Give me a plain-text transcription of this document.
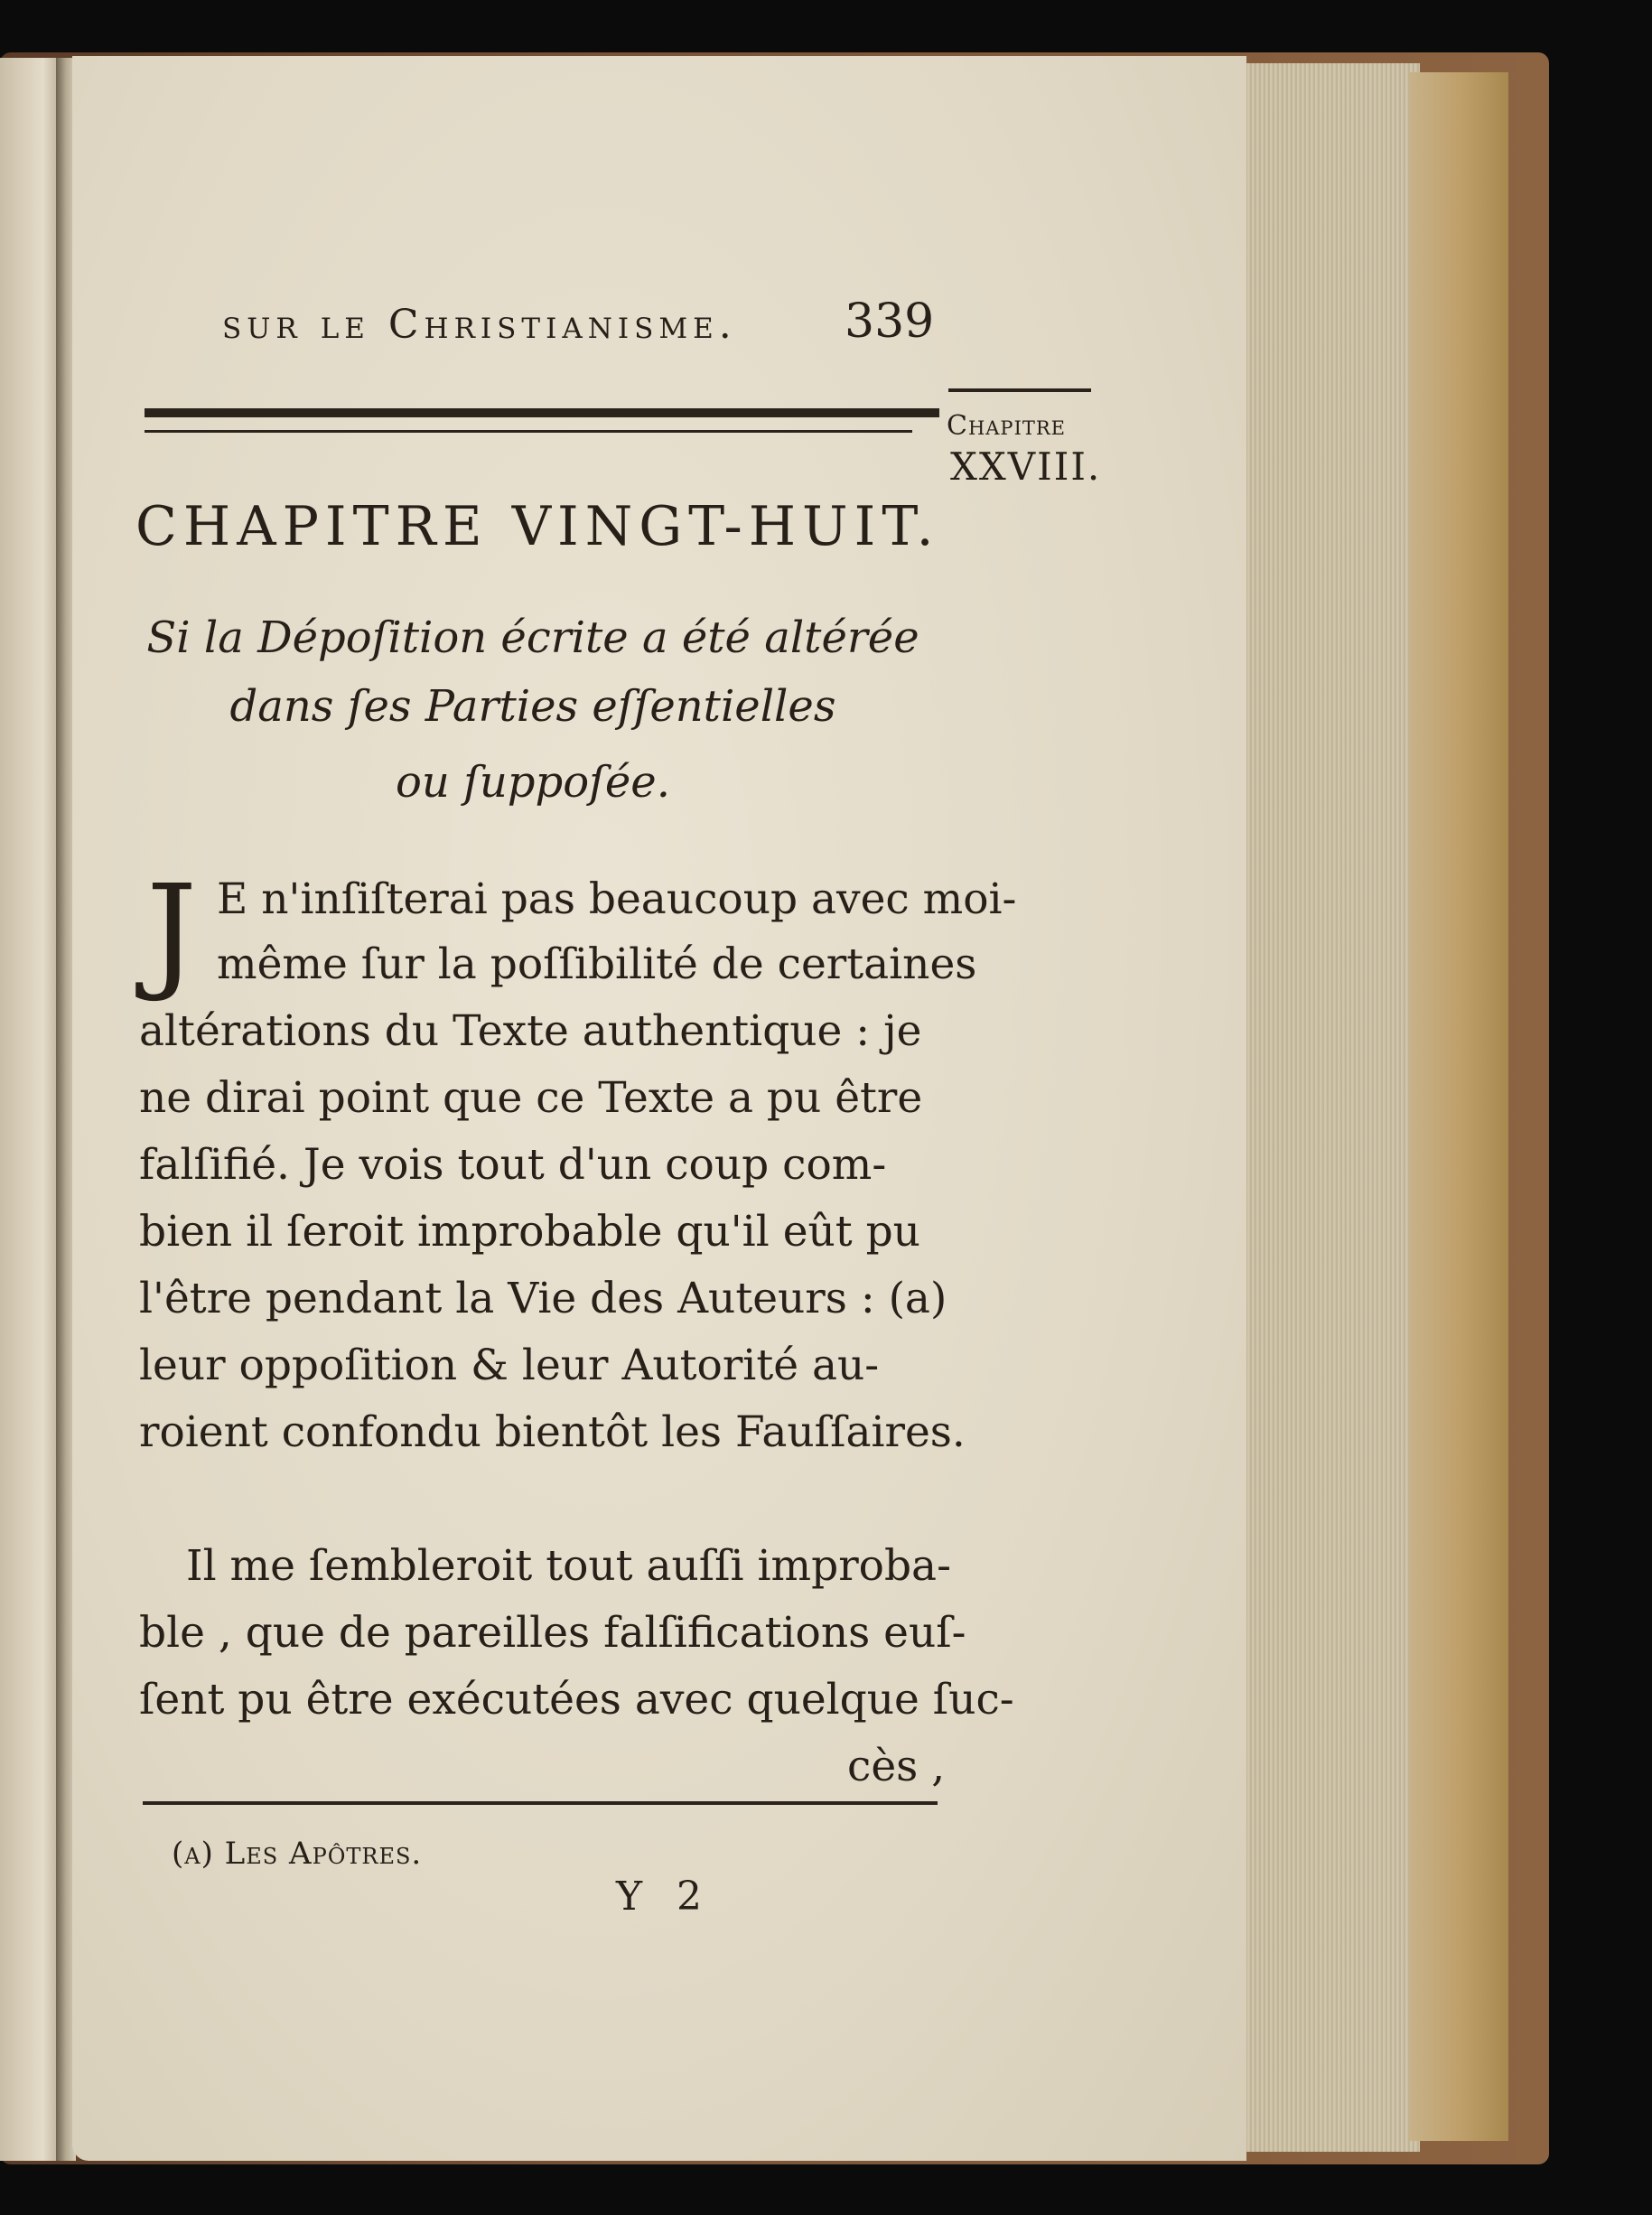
sur le Christianisme. 339
Chapitre
XXVIII.
CHAPITRE VINGT-HUIT.
Si la Dépoſition écrite a été altérée
dans ſes Parties eſſentielles
ou ſuppoſée.
J E n'inſiſterai pas beaucoup avec moi-
même ſur la poſſibilité de certaines
altérations du Texte authentique : je
ne dirai point que ce Texte a pu être
falſifié. Je vois tout d'un coup com-
bien il ſeroit improbable qu'il eût pu
l'être pendant la Vie des Auteurs : (a)
leur oppoſition & leur Autorité au-
roient confondu bientôt les Fauſſaires.
Il me ſembleroit tout auſſi improba-
ble , que de pareilles falſifications euſ-
ſent pu être exécutées avec quelque ſuc-
cès ,
(a) Les Apôtres.
Y 2
